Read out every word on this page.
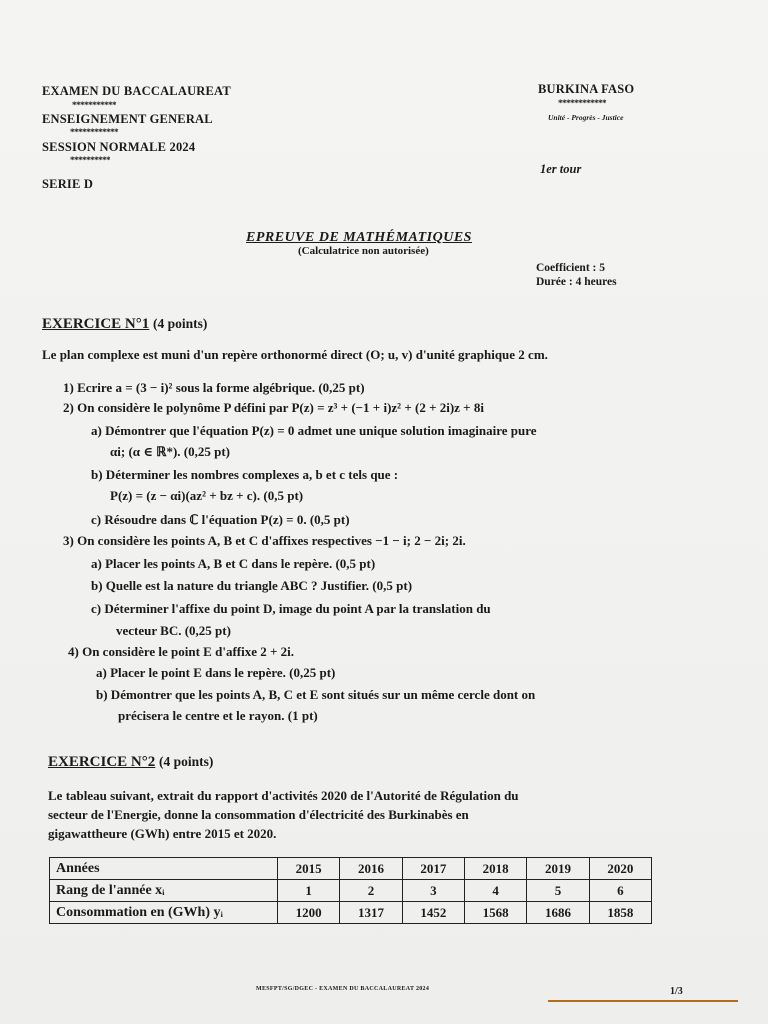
EXAMEN DU BACCALAUREAT
***********
ENSEIGNEMENT GENERAL
************
SESSION NORMALE 2024
**********
SERIE D
BURKINA FASO
************
Unité - Progrès - Justice
1er tour
EPREUVE DE MATHÉMATIQUES
(Calculatrice non autorisée)
Coefficient : 5
Durée : 4 heures
EXERCICE N°1 (4 points)
Le plan complexe est muni d'un repère orthonormé direct (O; u, v) d'unité graphique 2 cm.
1) Ecrire a = (3 − i)² sous la forme algébrique. (0,25 pt)
2) On considère le polynôme P défini par P(z) = z³ + (−1 + i)z² + (2 + 2i)z + 8i
a) Démontrer que l'équation P(z) = 0 admet une unique solution imaginaire pure
αi; (α ∈ ℝ*). (0,25 pt)
b) Déterminer les nombres complexes a, b et c tels que :
P(z) = (z − αi)(az² + bz + c). (0,5 pt)
c) Résoudre dans ℂ l'équation P(z) = 0. (0,5 pt)
3) On considère les points A, B et C d'affixes respectives −1 − i; 2 − 2i; 2i.
a) Placer les points A, B et C dans le repère. (0,5 pt)
b) Quelle est la nature du triangle ABC ? Justifier. (0,5 pt)
c) Déterminer l'affixe du point D, image du point A par la translation du
vecteur BC. (0,25 pt)
4) On considère le point E d'affixe 2 + 2i.
a) Placer le point E dans le repère. (0,25 pt)
b) Démontrer que les points A, B, C et E sont situés sur un même cercle dont on
précisera le centre et le rayon. (1 pt)
EXERCICE N°2 (4 points)
Le tableau suivant, extrait du rapport d'activités 2020 de l'Autorité de Régulation du
secteur de l'Energie, donne la consommation d'électricité des Burkinabès en
gigawattheure (GWh) entre 2015 et 2020.
Années	2015	2016	2017	2018	2019	2020
Rang de l'année xᵢ	1	2	3	4	5	6
Consommation en (GWh) yᵢ	1200	1317	1452	1568	1686	1858
MESFPT/SG/DGEC - EXAMEN DU BACCALAUREAT 2024	1/3
